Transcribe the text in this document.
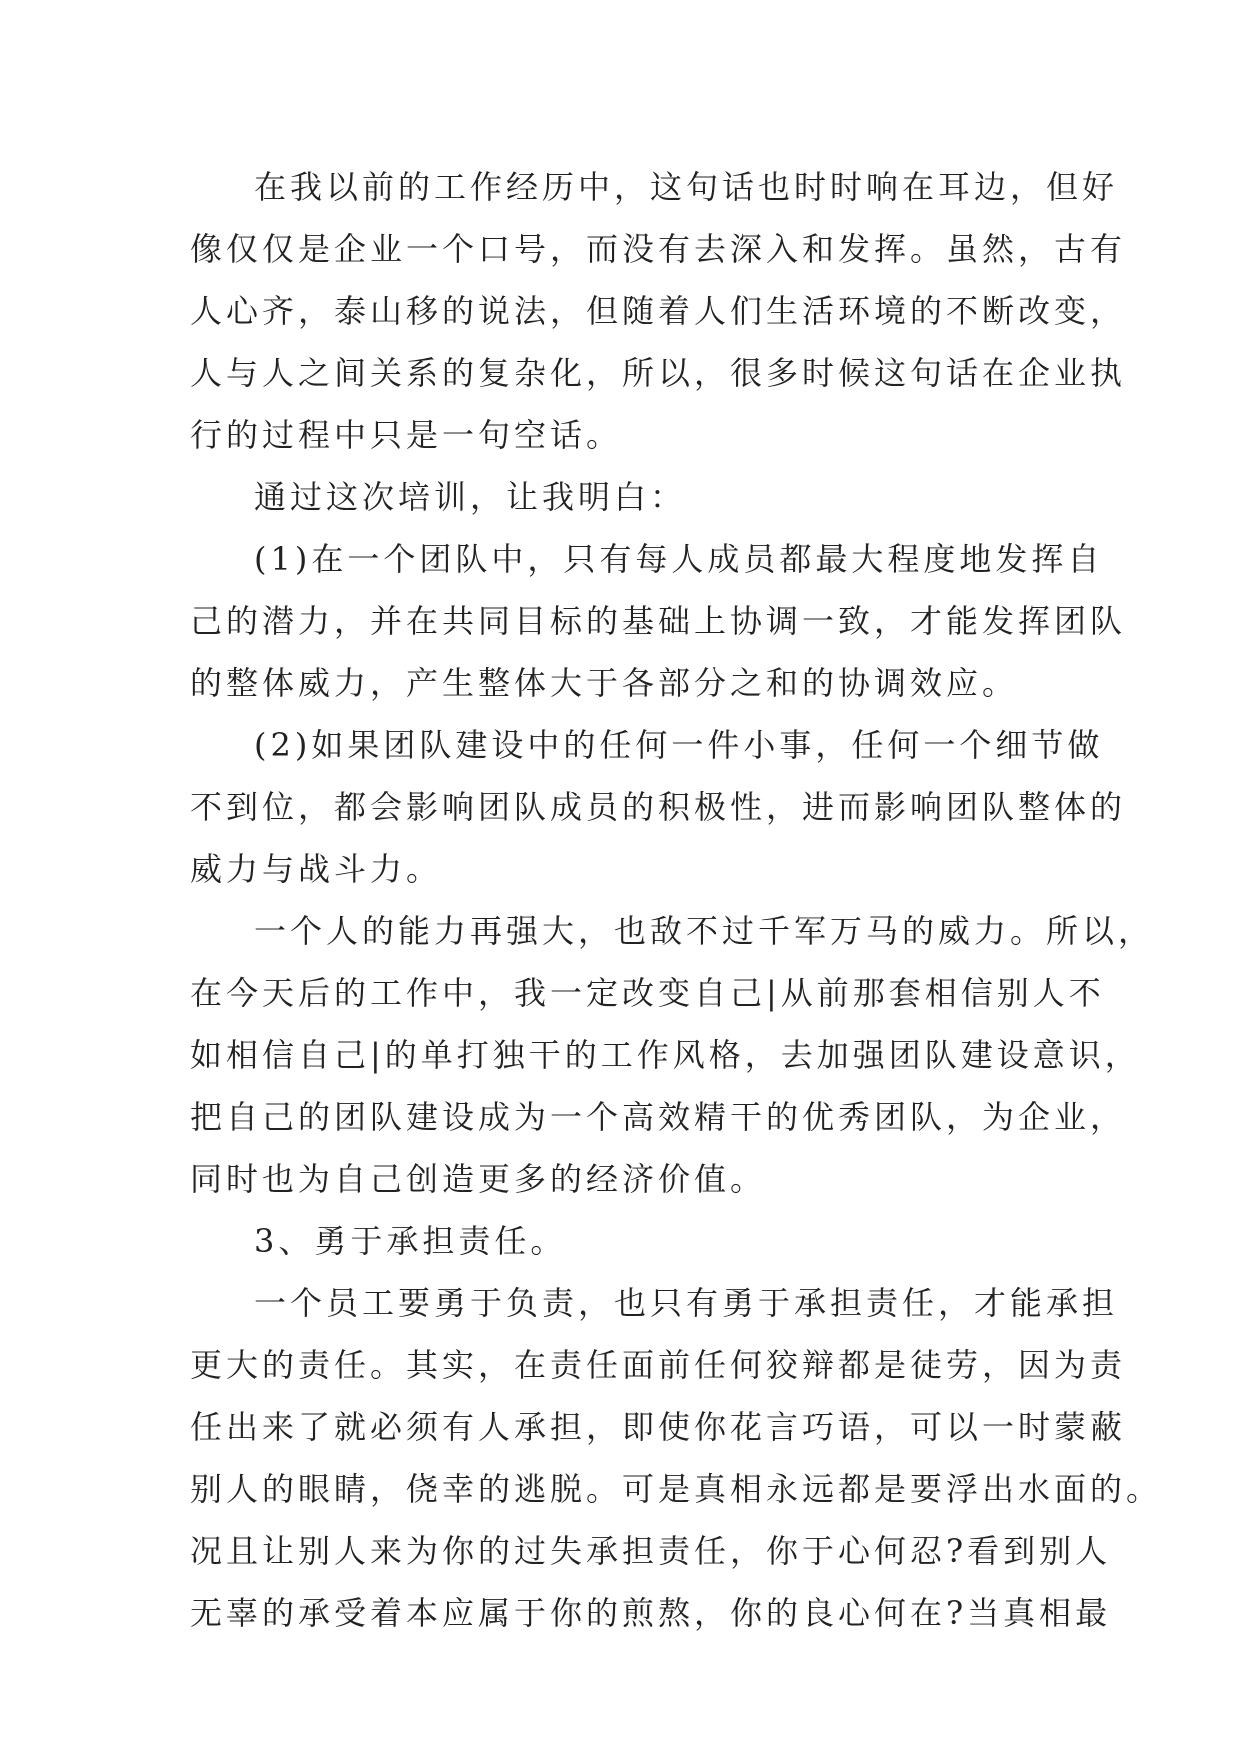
在我以前的工作经历中，这句话也时时响在耳边，但好
像仅仅是企业一个口号，而没有去深入和发挥。虽然，古有
人心齐，泰山移的说法，但随着人们生活环境的不断改变，
人与人之间关系的复杂化，所以，很多时候这句话在企业执
行的过程中只是一句空话。
通过这次培训，让我明白：
(1)在一个团队中，只有每人成员都最大程度地发挥自
己的潜力，并在共同目标的基础上协调一致，才能发挥团队
的整体威力，产生整体大于各部分之和的协调效应。
(2)如果团队建设中的任何一件小事，任何一个细节做
不到位，都会影响团队成员的积极性，进而影响团队整体的
威力与战斗力。
一个人的能力再强大，也敌不过千军万马的威力。所以，
在今天后的工作中，我一定改变自己|从前那套相信别人不
如相信自己|的单打独干的工作风格，去加强团队建设意识，
把自己的团队建设成为一个高效精干的优秀团队，为企业，
同时也为自己创造更多的经济价值。
3、勇于承担责任。
一个员工要勇于负责，也只有勇于承担责任，才能承担
更大的责任。其实，在责任面前任何狡辩都是徒劳，因为责
任出来了就必须有人承担，即使你花言巧语，可以一时蒙蔽
别人的眼睛，侥幸的逃脱。可是真相永远都是要浮出水面的。
况且让别人来为你的过失承担责任，你于心何忍?看到别人
无辜的承受着本应属于你的煎熬，你的良心何在?当真相最
